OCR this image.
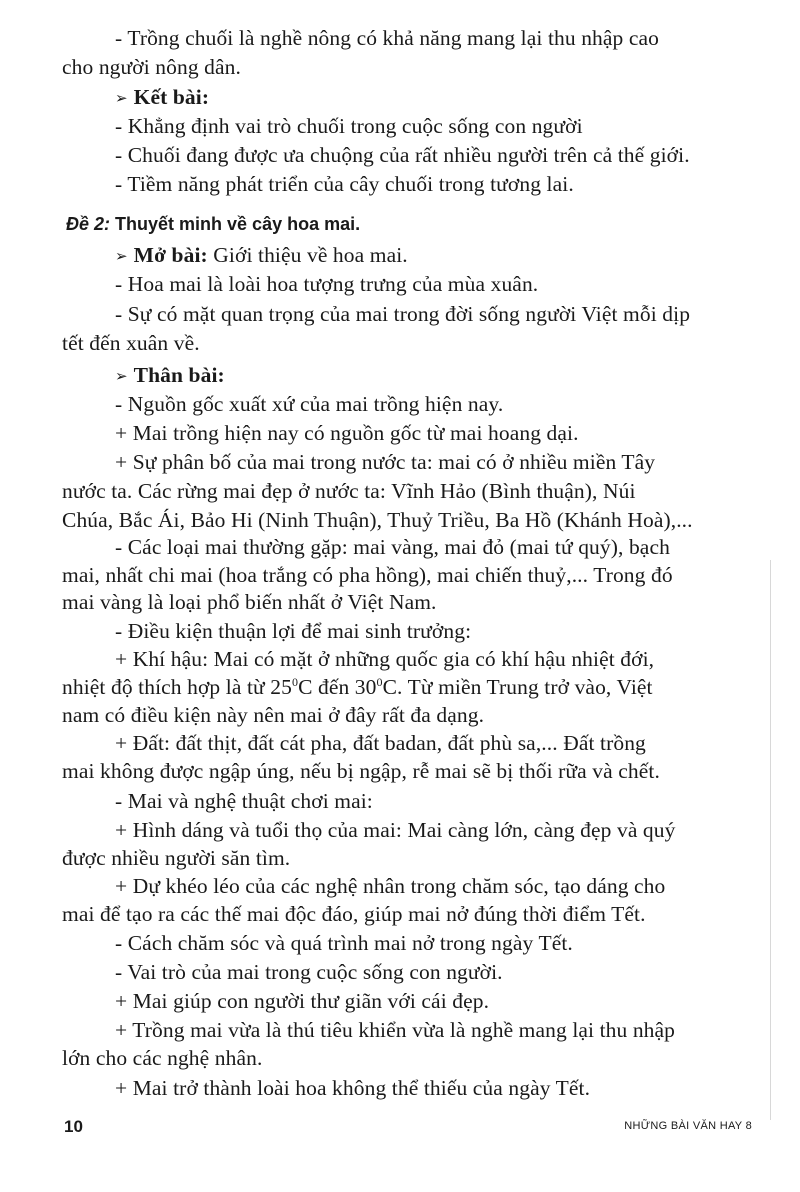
- Trồng chuối là nghề nông có khả năng mang lại thu nhập cao
cho người nông dân.
➢ Kết bài:
- Khẳng định vai trò chuối trong cuộc sống con người
- Chuối đang được ưa chuộng của rất nhiều người trên cả thế giới.
- Tiềm năng phát triển của cây chuối trong tương lai.
Đề 2: Thuyết minh về cây hoa mai.
➢ Mở bài: Giới thiệu về hoa mai.
- Hoa mai là loài hoa tượng trưng của mùa xuân.
- Sự có mặt quan trọng của mai trong đời sống người Việt mỗi dịp
tết đến xuân về.
➢ Thân bài:
- Nguồn gốc xuất xứ của mai trồng hiện nay.
+ Mai trồng hiện nay có nguồn gốc từ mai hoang dại.
+ Sự phân bố của mai trong nước ta: mai có ở nhiều miền Tây
nước ta. Các rừng mai đẹp ở nước ta: Vĩnh Hảo (Bình thuận), Núi
Chúa, Bắc Ái, Bảo Hi (Ninh Thuận), Thuỷ Triều, Ba Hồ (Khánh Hoà),...
- Các loại mai thường gặp: mai vàng, mai đỏ (mai tứ quý), bạch
mai, nhất chi mai (hoa trắng có pha hồng), mai chiến thuỷ,... Trong đó
mai vàng là loại phổ biến nhất ở Việt Nam.
- Điều kiện thuận lợi để mai sinh trưởng:
+ Khí hậu: Mai có mặt ở những quốc gia có khí hậu nhiệt đới,
nhiệt độ thích hợp là từ $25^0C$ đến $30^0C$. Từ miền Trung trở vào, Việt
nam có điều kiện này nên mai ở đây rất đa dạng.
+ Đất: đất thịt, đất cát pha, đất badan, đất phù sa,... Đất trồng
mai không được ngập úng, nếu bị ngập, rễ mai sẽ bị thối rữa và chết.
- Mai và nghệ thuật chơi mai:
+ Hình dáng và tuổi thọ của mai: Mai càng lớn, càng đẹp và quý
được nhiều người săn tìm.
+ Dự khéo léo của các nghệ nhân trong chăm sóc, tạo dáng cho
mai để tạo ra các thế mai độc đáo, giúp mai nở đúng thời điểm Tết.
- Cách chăm sóc và quá trình mai nở trong ngày Tết.
- Vai trò của mai trong cuộc sống con người.
+ Mai giúp con người thư giãn với cái đẹp.
+ Trồng mai vừa là thú tiêu khiển vừa là nghề mang lại thu nhập
lớn cho các nghệ nhân.
+ Mai trở thành loài hoa không thể thiếu của ngày Tết.
10	NHỮNG BÀI VĂN HAY 8
